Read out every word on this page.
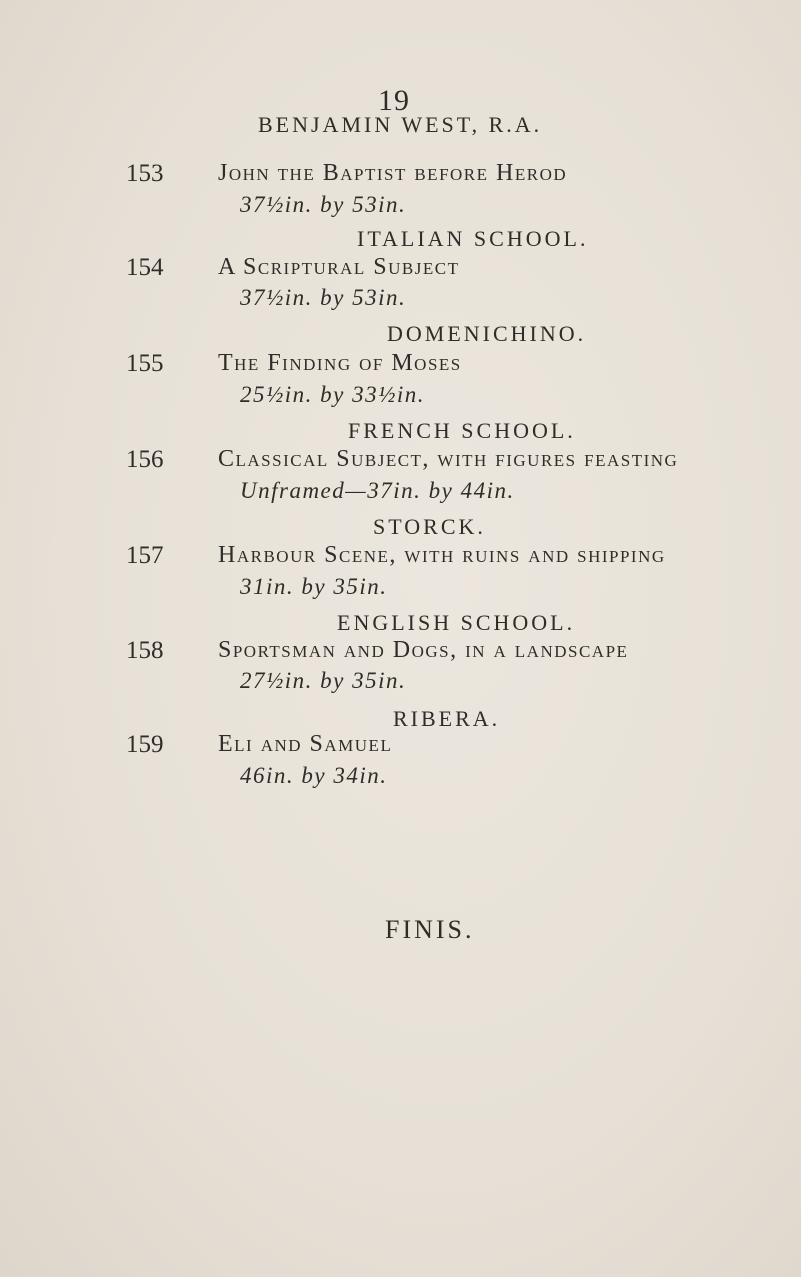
19
BENJAMIN WEST, R.A.
153 John the Baptist before Herod
37½in. by 53in.
ITALIAN SCHOOL.
154 A Scriptural Subject
37½in. by 53in.
DOMENICHINO.
155 The Finding of Moses
25½in. by 33½in.
FRENCH SCHOOL.
156 Classical Subject, with figures feasting
Unframed—37in. by 44in.
STORCK.
157 Harbour Scene, with ruins and shipping
31in. by 35in.
ENGLISH SCHOOL.
158 Sportsman and Dogs, in a landscape
27½in. by 35in.
RIBERA.
159 Eli and Samuel
46in. by 34in.
FINIS.
